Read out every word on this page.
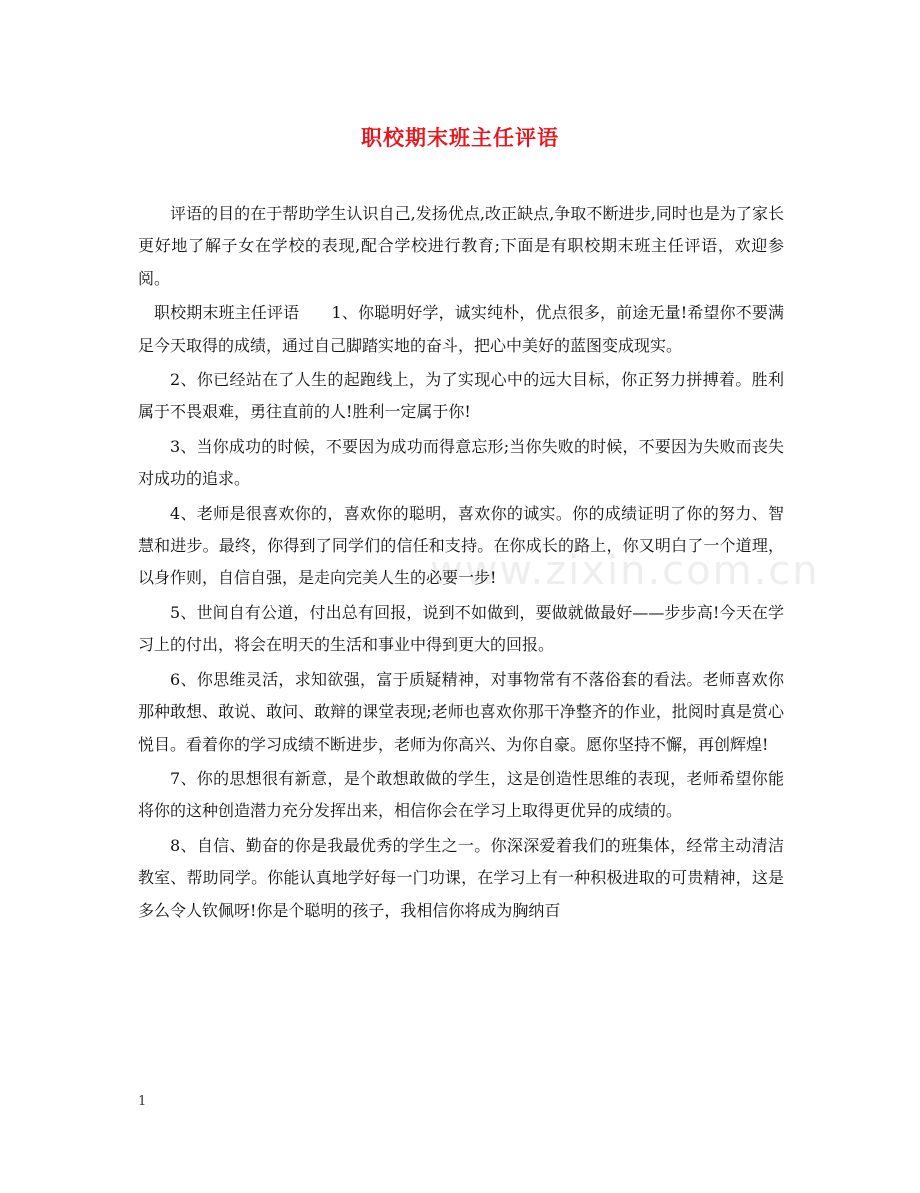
职校期末班主任评语
www.zixin.com.cn

评语的目的在于帮助学生认识自己,发扬优点,改正缺点,争取不断进步,同时也是为了家长更好地了解子女在学校的表现,配合学校进行教育;下面是有职校期末班主任评语，欢迎参阅。

职校期末班主任评语　　1、你聪明好学，诚实纯朴，优点很多，前途无量!希望你不要满足今天取得的成绩，通过自己脚踏实地的奋斗，把心中美好的蓝图变成现实。

2、你已经站在了人生的起跑线上，为了实现心中的远大目标，你正努力拼搏着。胜利属于不畏艰难，勇往直前的人!胜利一定属于你!

3、当你成功的时候，不要因为成功而得意忘形;当你失败的时候，不要因为失败而丧失对成功的追求。

4、老师是很喜欢你的，喜欢你的聪明，喜欢你的诚实。你的成绩证明了你的努力、智慧和进步。最终，你得到了同学们的信任和支持。在你成长的路上，你又明白了一个道理，以身作则，自信自强，是走向完美人生的必要一步!

5、世间自有公道，付出总有回报，说到不如做到，要做就做最好——步步高!今天在学习上的付出，将会在明天的生活和事业中得到更大的回报。

6、你思维灵活，求知欲强，富于质疑精神，对事物常有不落俗套的看法。老师喜欢你那种敢想、敢说、敢问、敢辩的课堂表现;老师也喜欢你那干净整齐的作业，批阅时真是赏心悦目。看着你的学习成绩不断进步，老师为你高兴、为你自豪。愿你坚持不懈，再创辉煌!

7、你的思想很有新意，是个敢想敢做的学生，这是创造性思维的表现，老师希望你能将你的这种创造潜力充分发挥出来，相信你会在学习上取得更优异的成绩的。

8、自信、勤奋的你是我最优秀的学生之一。你深深爱着我们的班集体，经常主动清洁教室、帮助同学。你能认真地学好每一门功课，在学习上有一种积极进取的可贵精神，这是多么令人钦佩呀!你是个聪明的孩子，我相信你将成为胸纳百

1
